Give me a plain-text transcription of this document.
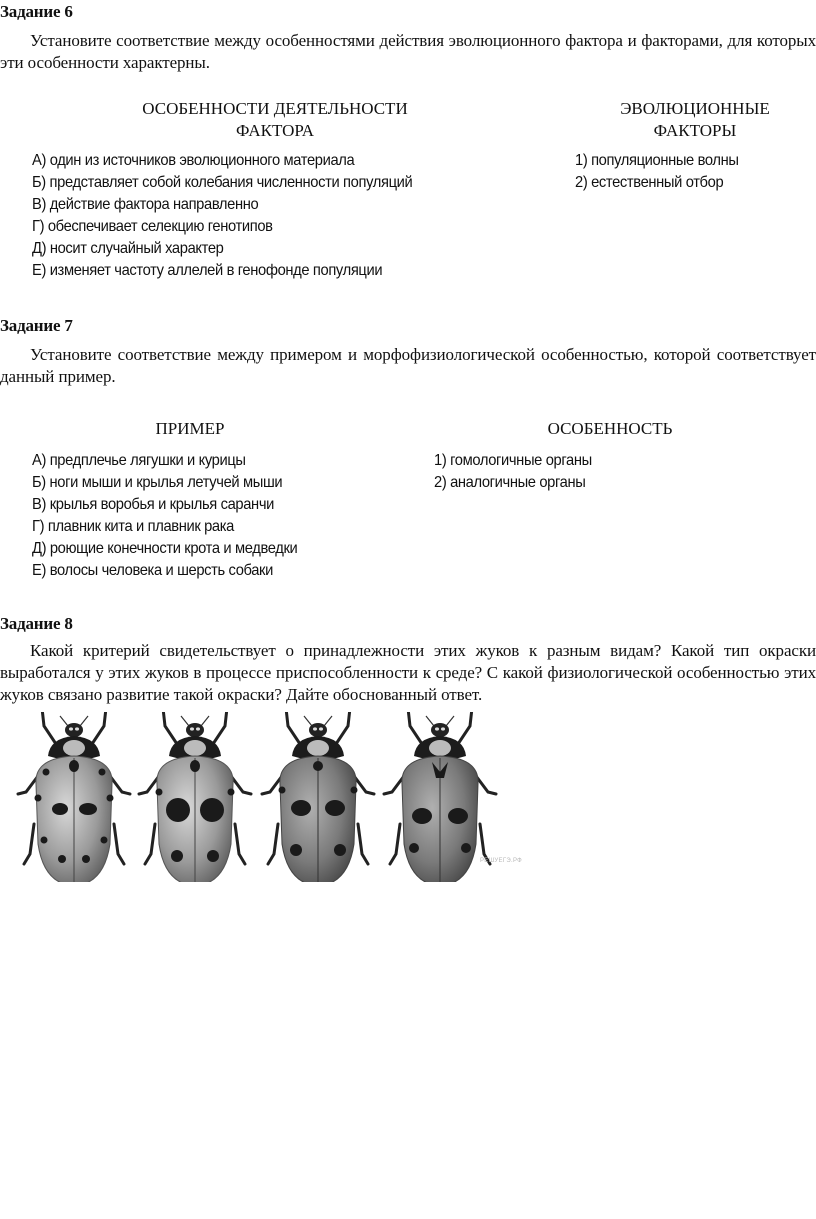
Задание 6
Установите соответствие между особенностями действия эволюционного фактора и факторами, для которых эти особенности характерны.
ОСОБЕННОСТИ ДЕЯТЕЛЬНОСТИ
ФАКТОРА
ЭВОЛЮЦИОННЫЕ
ФАКТОРЫ
А) один из источников эволюционного материала
Б) представляет собой колебания численности популяций
В) действие фактора направленно
Г) обеспечивает селекцию генотипов
Д) носит случайный характер
Е) изменяет частоту аллелей в генофонде популяции
1) популяционные волны
2) естественный отбор
Задание 7
Установите соответствие между примером и морфофизиологической особенностью, которой соответствует данный пример.
ПРИМЕР	ОСОБЕННОСТЬ
А) предплечье лягушки и курицы
Б) ноги мыши и крылья летучей мыши
В) крылья воробья и крылья саранчи
Г) плавник кита и плавник рака
Д) роющие конечности крота и медведки
Е) волосы человека и шерсть собаки
1) гомологичные органы
2) аналогичные органы
Задание 8
Какой критерий свидетельствует о принадлежности этих жуков к разным видам? Какой тип окраски выработался у этих жуков в процессе приспособленности к среде? С какой физиологической особенностью этих жуков связано развитие такой окраски? Дайте обоснованный ответ.
РЕШУЕГЭ.РФ
